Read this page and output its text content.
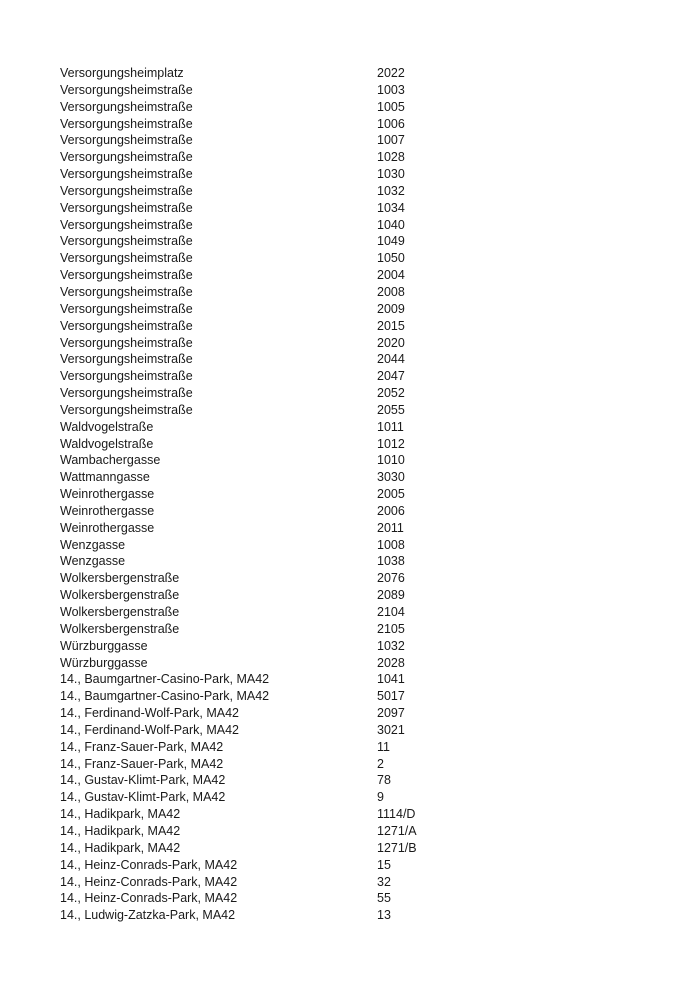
Versorgungsheimplatz	2022
Versorgungsheimstraße	1003
Versorgungsheimstraße	1005
Versorgungsheimstraße	1006
Versorgungsheimstraße	1007
Versorgungsheimstraße	1028
Versorgungsheimstraße	1030
Versorgungsheimstraße	1032
Versorgungsheimstraße	1034
Versorgungsheimstraße	1040
Versorgungsheimstraße	1049
Versorgungsheimstraße	1050
Versorgungsheimstraße	2004
Versorgungsheimstraße	2008
Versorgungsheimstraße	2009
Versorgungsheimstraße	2015
Versorgungsheimstraße	2020
Versorgungsheimstraße	2044
Versorgungsheimstraße	2047
Versorgungsheimstraße	2052
Versorgungsheimstraße	2055
Waldvogelstraße	1011
Waldvogelstraße	1012
Wambachergasse	1010
Wattmanngasse	3030
Weinrothergasse	2005
Weinrothergasse	2006
Weinrothergasse	2011
Wenzgasse	1008
Wenzgasse	1038
Wolkersbergenstraße	2076
Wolkersbergenstraße	2089
Wolkersbergenstraße	2104
Wolkersbergenstraße	2105
Würzburggasse	1032
Würzburggasse	2028
14., Baumgartner-Casino-Park, MA42	1041
14., Baumgartner-Casino-Park, MA42	5017
14., Ferdinand-Wolf-Park, MA42	2097
14., Ferdinand-Wolf-Park, MA42	3021
14., Franz-Sauer-Park, MA42	11
14., Franz-Sauer-Park, MA42	2
14., Gustav-Klimt-Park, MA42	78
14., Gustav-Klimt-Park, MA42	9
14., Hadikpark, MA42	1114/D
14., Hadikpark, MA42	1271/A
14., Hadikpark, MA42	1271/B
14., Heinz-Conrads-Park, MA42	15
14., Heinz-Conrads-Park, MA42	32
14., Heinz-Conrads-Park, MA42	55
14., Ludwig-Zatzka-Park, MA42	13
